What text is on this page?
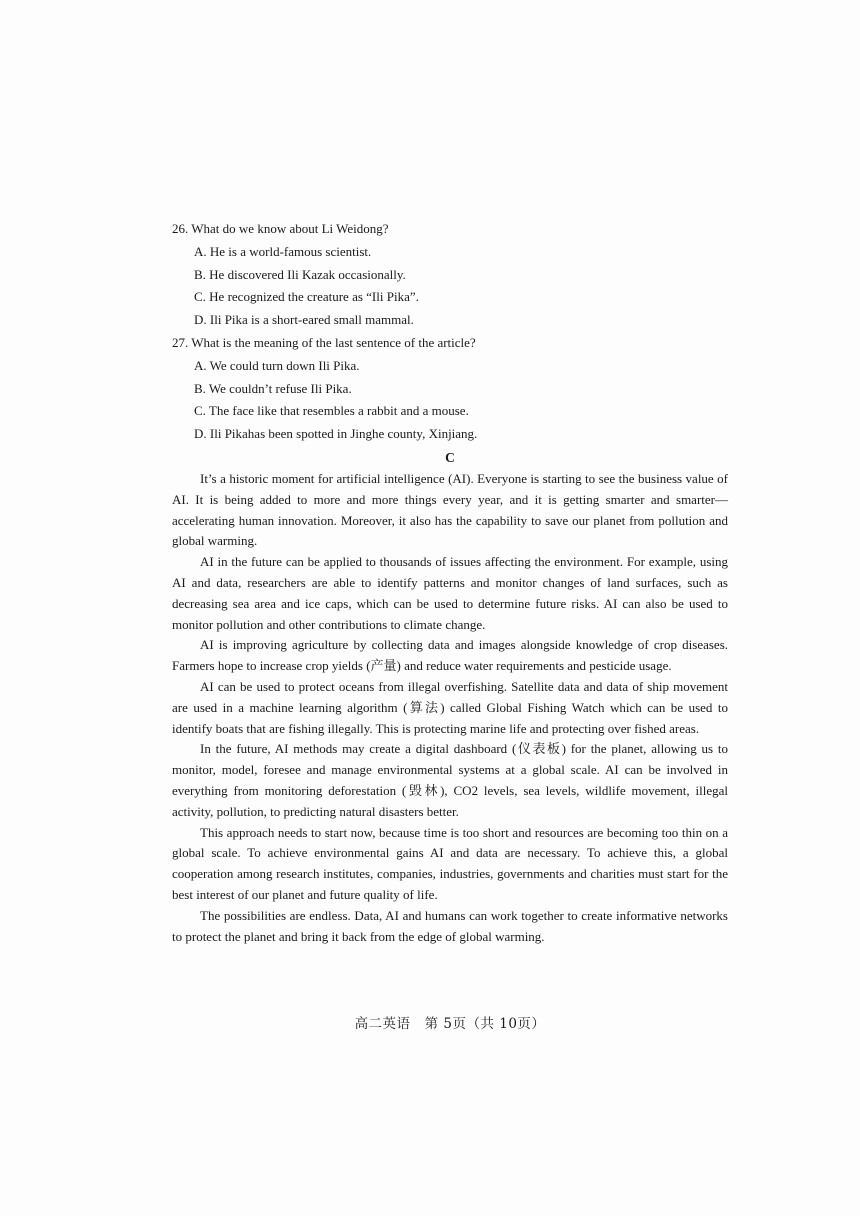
26. What do we know about Li Weidong?

A. He is a world-famous scientist.

B. He discovered Ili Kazak occasionally.

C. He recognized the creature as “Ili Pika”.

D. Ili Pika is a short-eared small mammal.

27. What is the meaning of the last sentence of the article?

A. We could turn down Ili Pika.

B. We couldn’t refuse Ili Pika.

C. The face like that resembles a rabbit and a mouse.

D. Ili Pikahas been spotted in Jinghe county, Xinjiang.

C

It’s a historic moment for artificial intelligence (AI). Everyone is starting to see the business value of AI. It is being added to more and more things every year, and it is getting smarter and smarter—accelerating human innovation. Moreover, it also has the capability to save our planet from pollution and global warming.

AI in the future can be applied to thousands of issues affecting the environment. For example, using AI and data, researchers are able to identify patterns and monitor changes of land surfaces, such as decreasing sea area and ice caps, which can be used to determine future risks. AI can also be used to monitor pollution and other contributions to climate change.

AI is improving agriculture by collecting data and images alongside knowledge of crop diseases. Farmers hope to increase crop yields (产量) and reduce water requirements and pesticide usage.

AI can be used to protect oceans from illegal overfishing. Satellite data and data of ship movement are used in a machine learning algorithm (算法) called Global Fishing Watch which can be used to identify boats that are fishing illegally. This is protecting marine life and protecting over fished areas.

In the future, AI methods may create a digital dashboard (仪表板) for the planet, allowing us to monitor, model, foresee and manage environmental systems at a global scale. AI can be involved in everything from monitoring deforestation (毁林), CO2 levels, sea levels, wildlife movement, illegal activity, pollution, to predicting natural disasters better.

This approach needs to start now, because time is too short and resources are becoming too thin on a global scale. To achieve environmental gains AI and data are necessary. To achieve this, a global cooperation among research institutes, companies, industries, governments and charities must start for the best interest of our planet and future quality of life.

The possibilities are endless. Data, AI and humans can work together to create informative networks to protect the planet and bring it back from the edge of global warming.

高二英语　第 5页（共 10页）
